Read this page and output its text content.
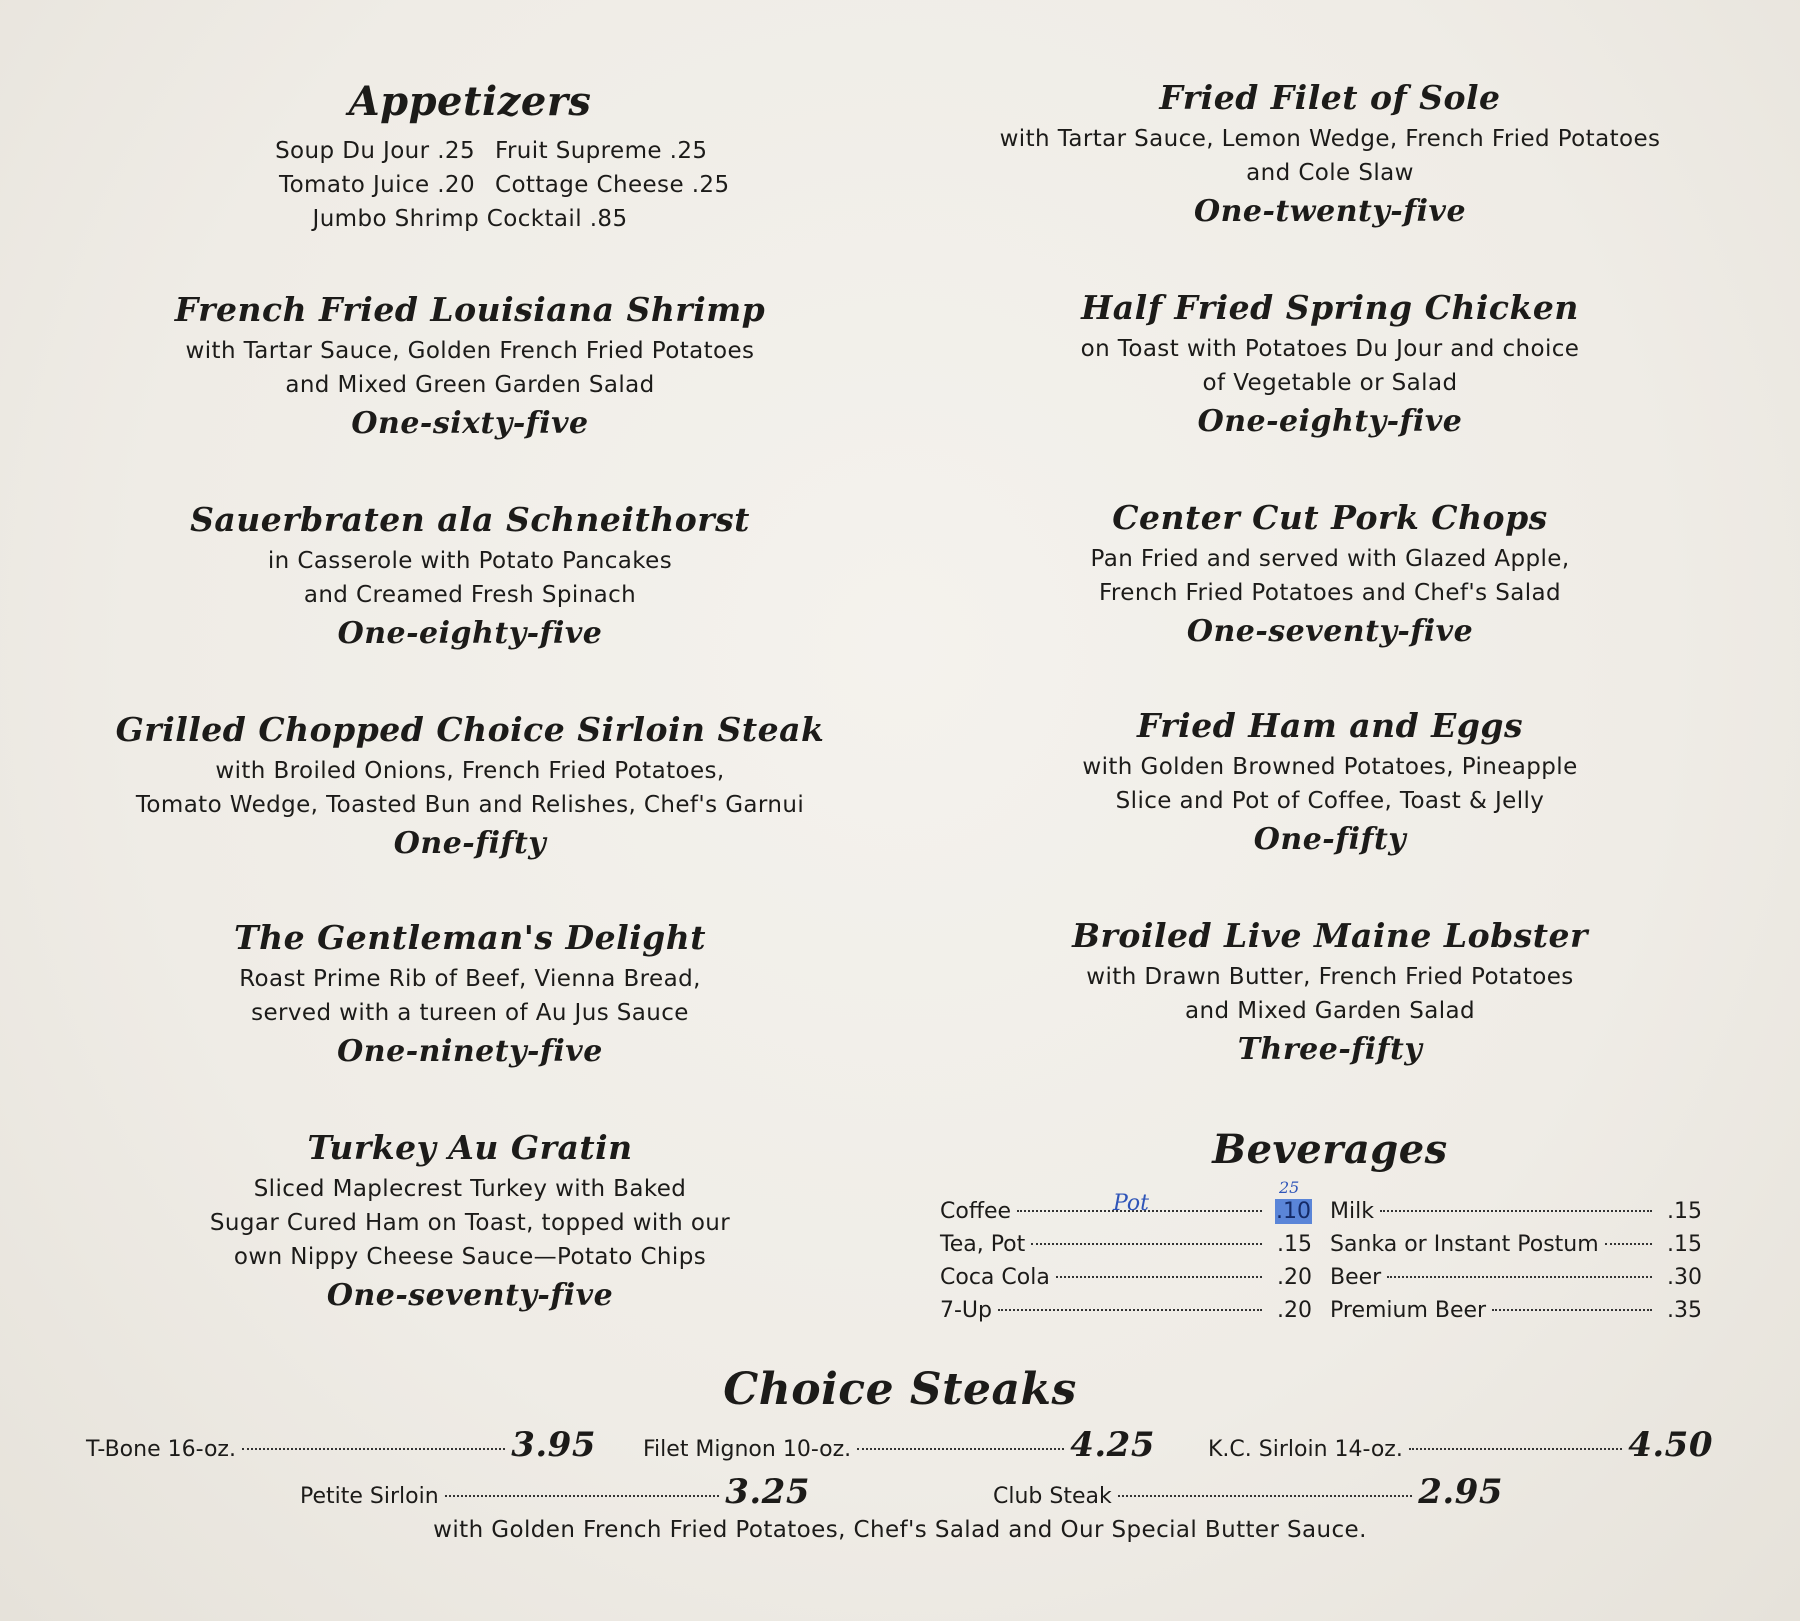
Appetizers
Soup Du Jour .25 Fruit Supreme .25
Tomato Juice .20 Cottage Cheese .25
Jumbo Shrimp Cocktail .85

French Fried Louisiana Shrimp

with Tartar Sauce, Golden French Fried Potatoes

and Mixed Green Garden Salad

One-sixty-five

Sauerbraten ala Schneithorst

in Casserole with Potato Pancakes

and Creamed Fresh Spinach

One-eighty-five

Grilled Chopped Choice Sirloin Steak

with Broiled Onions, French Fried Potatoes,

Tomato Wedge, Toasted Bun and Relishes, Chef's Garnui

One-fifty

The Gentleman's Delight

Roast Prime Rib of Beef, Vienna Bread,

served with a tureen of Au Jus Sauce

One-ninety-five

Turkey Au Gratin

Sliced Maplecrest Turkey with Baked

Sugar Cured Ham on Toast, topped with our

own Nippy Cheese Sauce—Potato Chips

One-seventy-five

Fried Filet of Sole

with Tartar Sauce, Lemon Wedge, French Fried Potatoes

and Cole Slaw

One-twenty-five

Half Fried Spring Chicken

on Toast with Potatoes Du Jour and choice

of Vegetable or Salad

One-eighty-five

Center Cut Pork Chops

Pan Fried and served with Glazed Apple,

French Fried Potatoes and Chef's Salad

One-seventy-five

Fried Ham and Eggs

with Golden Browned Potatoes, Pineapple

Slice and Pot of Coffee, Toast & Jelly

One-fifty

Broiled Live Maine Lobster

with Drawn Butter, French Fried Potatoes

and Mixed Garden Salad

Three-fifty

Beverages
Coffee	.10 Milk	.15
Tea, Pot	.15 Sanka or Instant Postum	.15
Coca Cola	.20 Beer	.30
7-Up	.20 Premium Beer	.35
Pot
25
Choice Steaks
T-Bone 16-oz.	3.95 Filet Mignon 10-oz.	4.25 K.C. Sirloin 14-oz.	4.50
Petite Sirloin	3.25	Club Steak	2.95
with Golden French Fried Potatoes, Chef's Salad and Our Special Butter Sauce.
